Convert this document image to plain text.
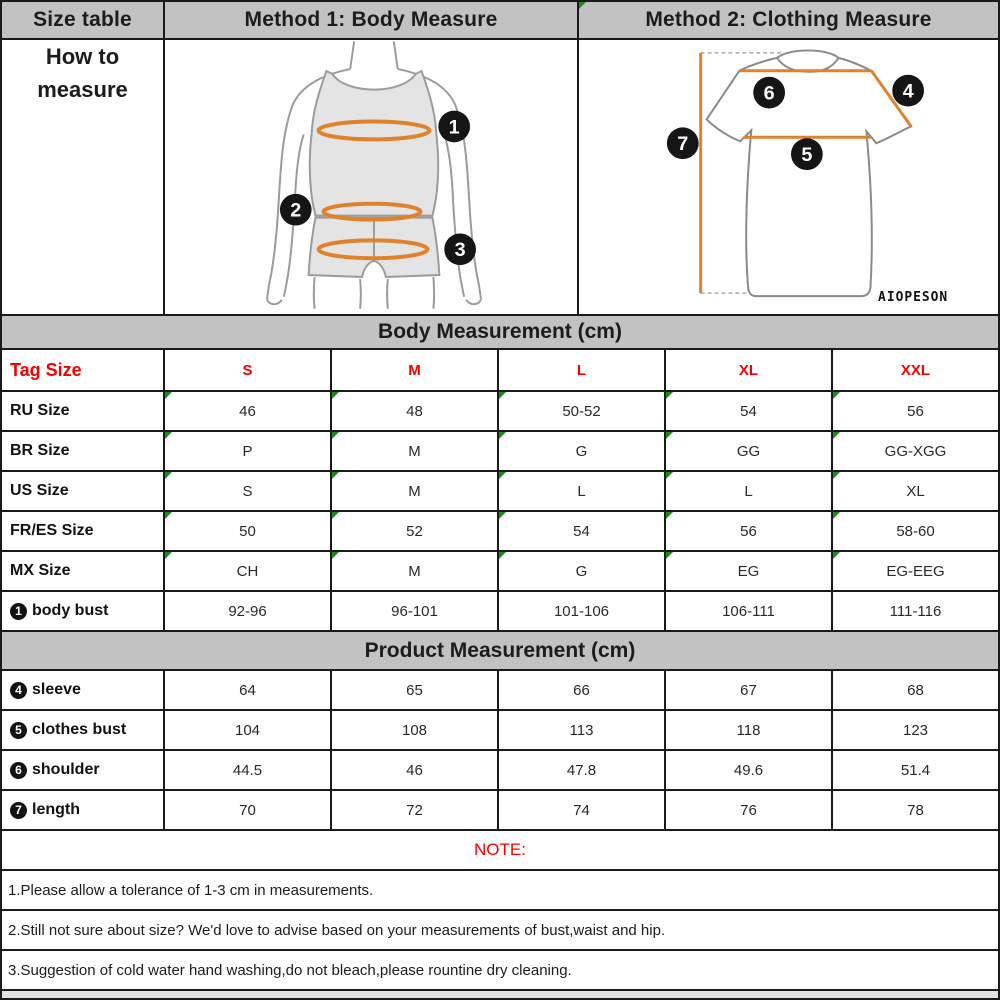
Size table	Method 1: Body Measure	Method 2: Clothing Measure
How to
measure
1
2
3
6	4
5
7
AIOPESON
Body Measurement (cm)
Tag Size	S	M	L	XL	XXL
RU Size	46	48	50-52	54	56
BR Size	P	M	G	GG	GG-XGG
US Size	S	M	L	L	XL
FR/ES Size	50	52	54	56	58-60
MX Size	CH	M	G	EG	EG-EEG
1 body bust	92-96	96-101	101-106	106-111	111-116
Product Measurement (cm)
4 sleeve	64	65	66	67	68
5 clothes bust	104	108	113	118	123
6 shoulder	44.5	46	47.8	49.6	51.4
7 length	70	72	74	76	78
NOTE:
1.Please allow a tolerance of 1-3 cm in measurements.
2.Still not sure about size? We'd love to advise based on your measurements of bust,waist and hip.
3.Suggestion of cold water hand washing,do not bleach,please rountine dry cleaning.
